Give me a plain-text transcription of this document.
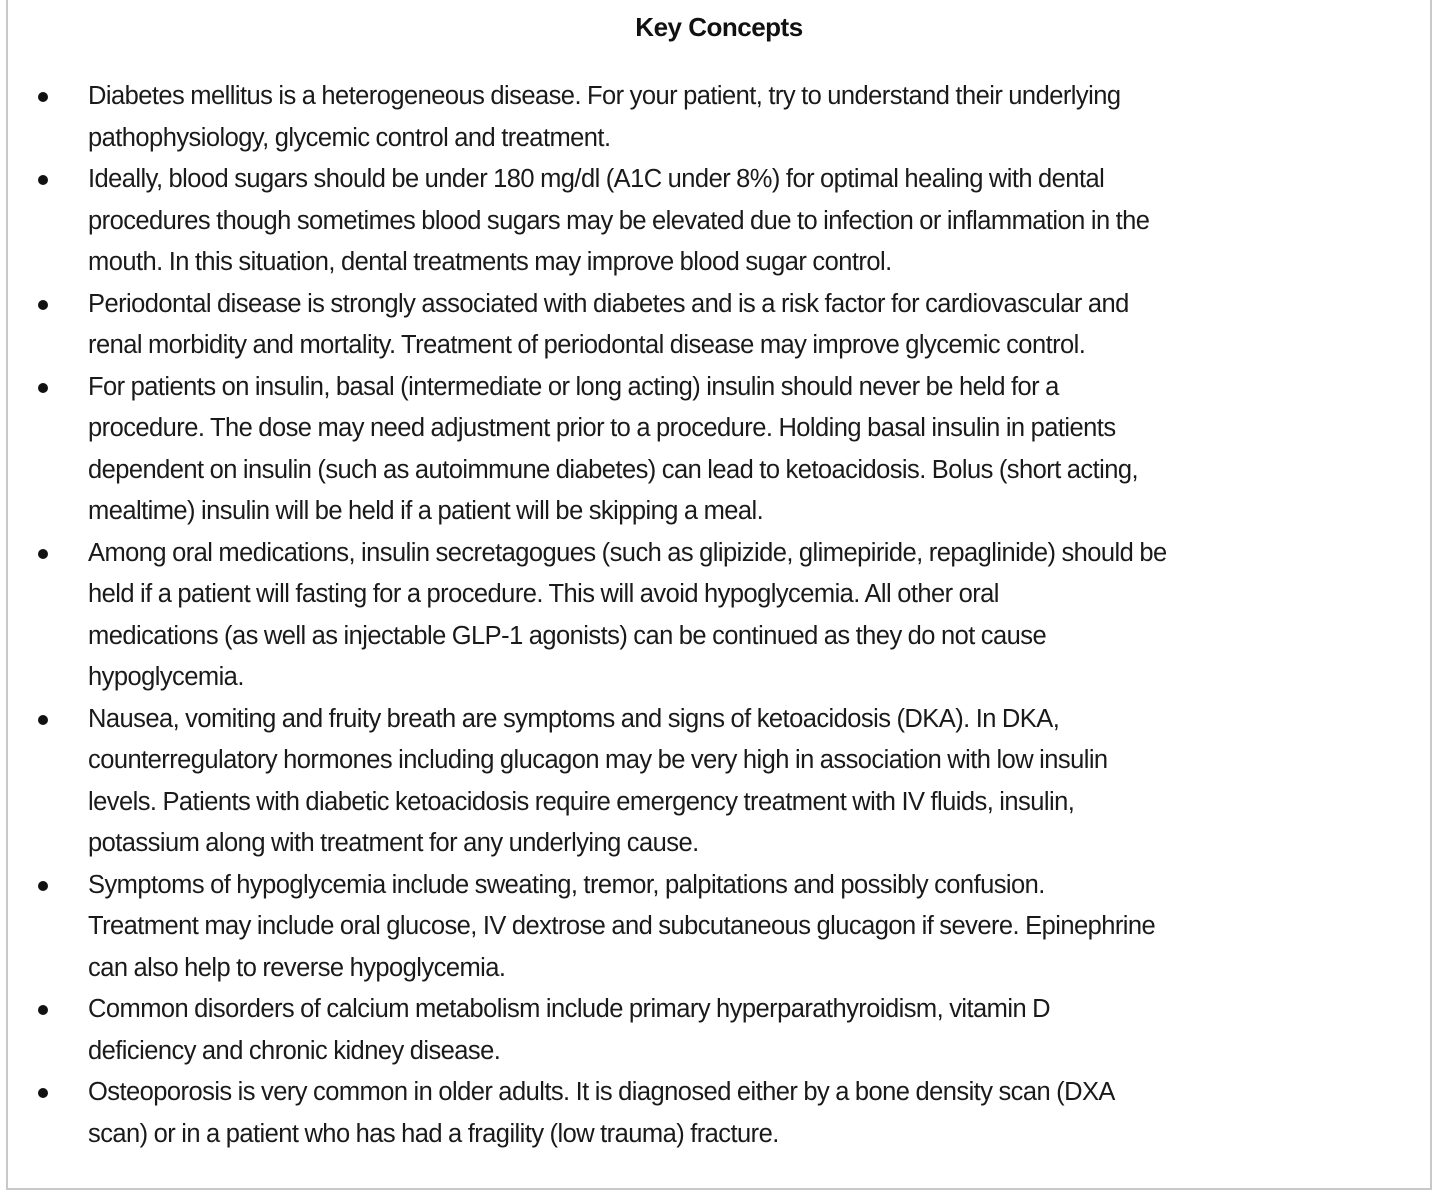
Key Concepts
Diabetes mellitus is a heterogeneous disease. For your patient, try to understand their underlying
pathophysiology, glycemic control and treatment.
Ideally, blood sugars should be under 180 mg/dl (A1C under 8%) for optimal healing with dental
procedures though sometimes blood sugars may be elevated due to infection or inflammation in the
mouth. In this situation, dental treatments may improve blood sugar control.
Periodontal disease is strongly associated with diabetes and is a risk factor for cardiovascular and
renal morbidity and mortality. Treatment of periodontal disease may improve glycemic control.
For patients on insulin, basal (intermediate or long acting) insulin should never be held for a
procedure. The dose may need adjustment prior to a procedure. Holding basal insulin in patients
dependent on insulin (such as autoimmune diabetes) can lead to ketoacidosis. Bolus (short acting,
mealtime) insulin will be held if a patient will be skipping a meal.
Among oral medications, insulin secretagogues (such as glipizide, glimepiride, repaglinide) should be
held if a patient will fasting for a procedure. This will avoid hypoglycemia. All other oral
medications (as well as injectable GLP-1 agonists) can be continued as they do not cause
hypoglycemia.
Nausea, vomiting and fruity breath are symptoms and signs of ketoacidosis (DKA). In DKA,
counterregulatory hormones including glucagon may be very high in association with low insulin
levels. Patients with diabetic ketoacidosis require emergency treatment with IV fluids, insulin,
potassium along with treatment for any underlying cause.
Symptoms of hypoglycemia include sweating, tremor, palpitations and possibly confusion.
Treatment may include oral glucose, IV dextrose and subcutaneous glucagon if severe. Epinephrine
can also help to reverse hypoglycemia.
Common disorders of calcium metabolism include primary hyperparathyroidism, vitamin D
deficiency and chronic kidney disease.
Osteoporosis is very common in older adults. It is diagnosed either by a bone density scan (DXA
scan) or in a patient who has had a fragility (low trauma) fracture.
